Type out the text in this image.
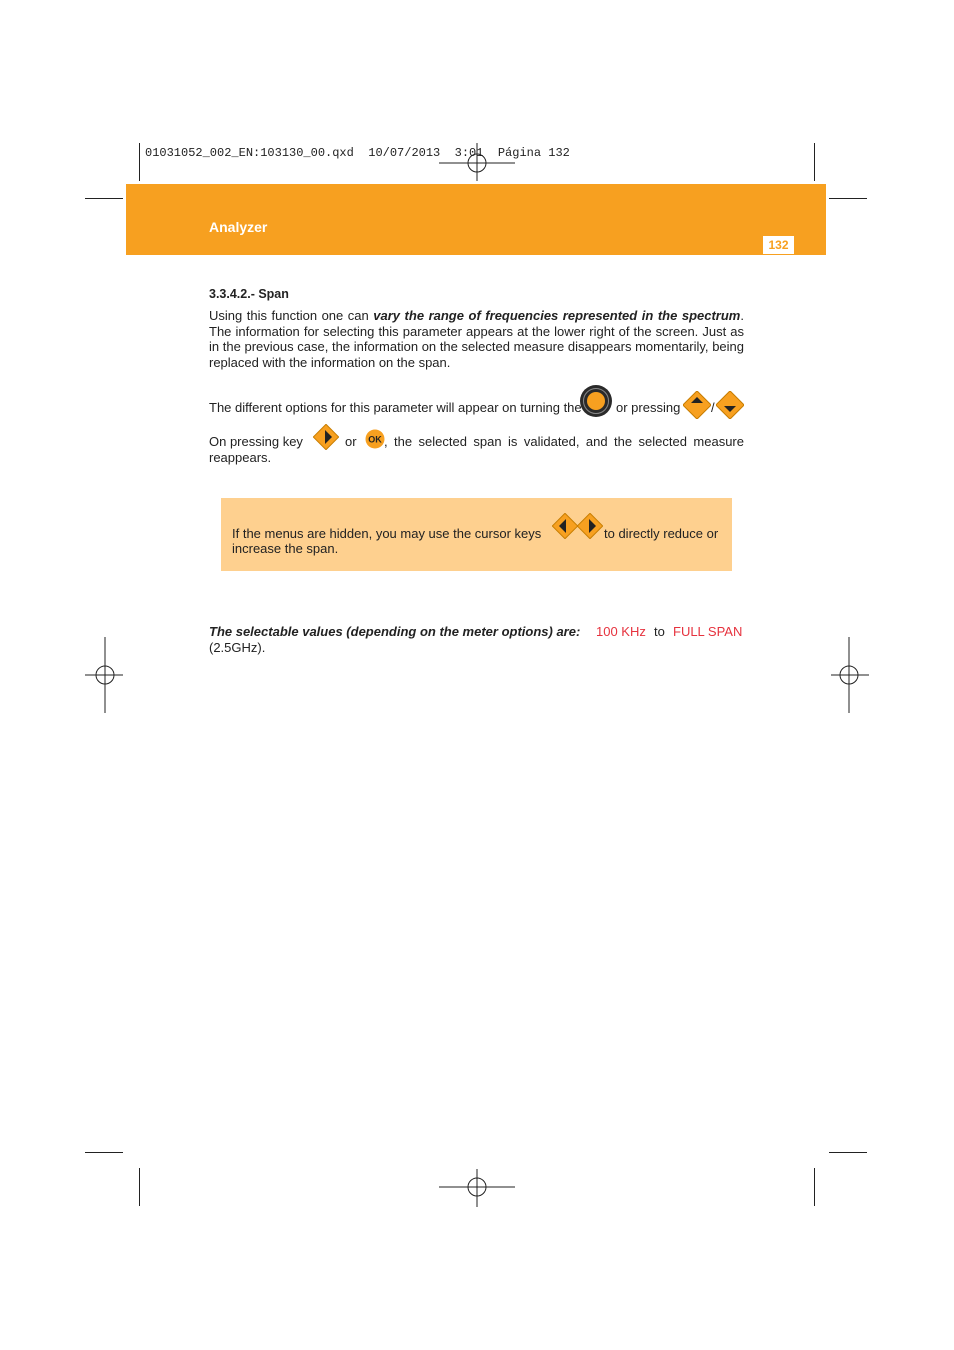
01031052_002_EN:103130_00.qxd  10/07/2013  3:01  Página 132
Analyzer
132
3.3.4.2.- Span
Using this function one can vary the range of frequencies represented in the spectrum. The information for selecting this parameter appears at the lower right of the screen. Just as in the previous case, the information on the selected measure disappears momentarily, being replaced with the information on the span.
The different options for this parameter will appear on turning the	or pressing /
On pressing key	or OK , the selected span is validated, and the selected measure
reappears.
If the menus are hidden, you may use the cursor keys	to directly reduce or
increase the span.
The selectable values (depending on the meter options) are: 100 KHz to FULL SPAN
(2.5GHz).
